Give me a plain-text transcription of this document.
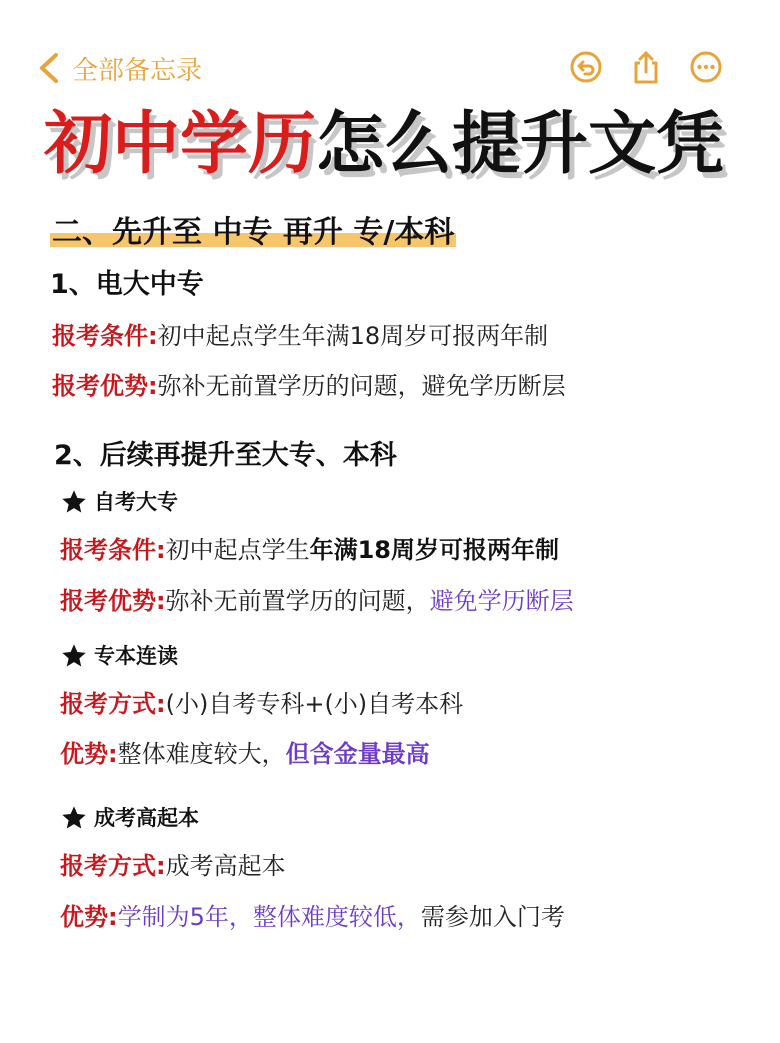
全部备忘录
初中学历怎么提升文凭
二、先升至 中专 再升 专/本科
1、电大中专
报考条件:初中起点学生年满18周岁可报两年制
报考优势:弥补无前置学历的问题，避免学历断层
2、后续再提升至大专、本科
自考大专
报考条件:初中起点学生年满18周岁可报两年制
报考优势:弥补无前置学历的问题，避免学历断层
专本连读
报考方式:(小)自考专科+(小)自考本科
优势:整体难度较大，但含金量最高
成考高起本
报考方式:成考高起本
优势:学制为5年，整体难度较低，需参加入门考
